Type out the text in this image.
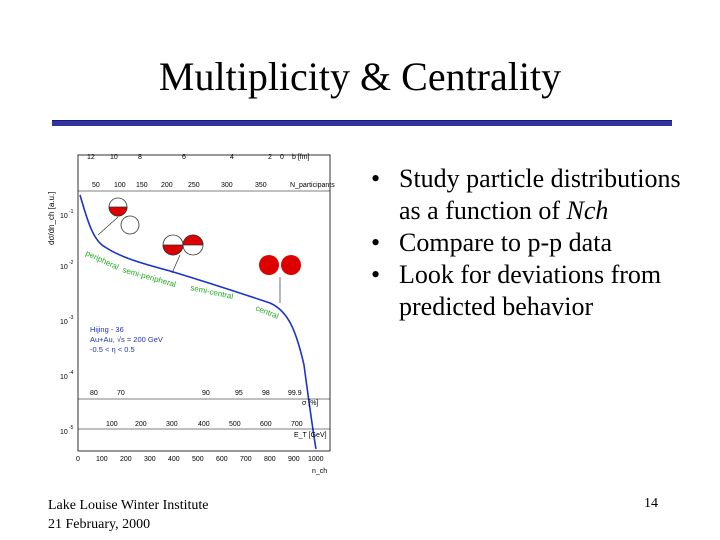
Multiplicity & Centrality
12 10	8	6	4	2 0 b [fm]
50 100 150 200 250	300	350	N_participants
dσ/dn_ch [a.u.] 10
-1
10
-2
10
-3
10
-4
10
-5
peripheral
semi-peripheral
semi-central
central
Hijing - 36
Au+Au, √s = 200 GeV
-0.5 < η < 0.5
80	70	90	95	98	99.9
σ [%]
100 200	300	400	500	600	700
E_T [GeV]
0 100 200 300 400 500 600 700 800 900 1000
n_ch
• Study particle distributions as a function of Nch
• Compare to p-p data
• Look for deviations from predicted behavior
Lake Louise Winter Institute
21 February, 2000
14
